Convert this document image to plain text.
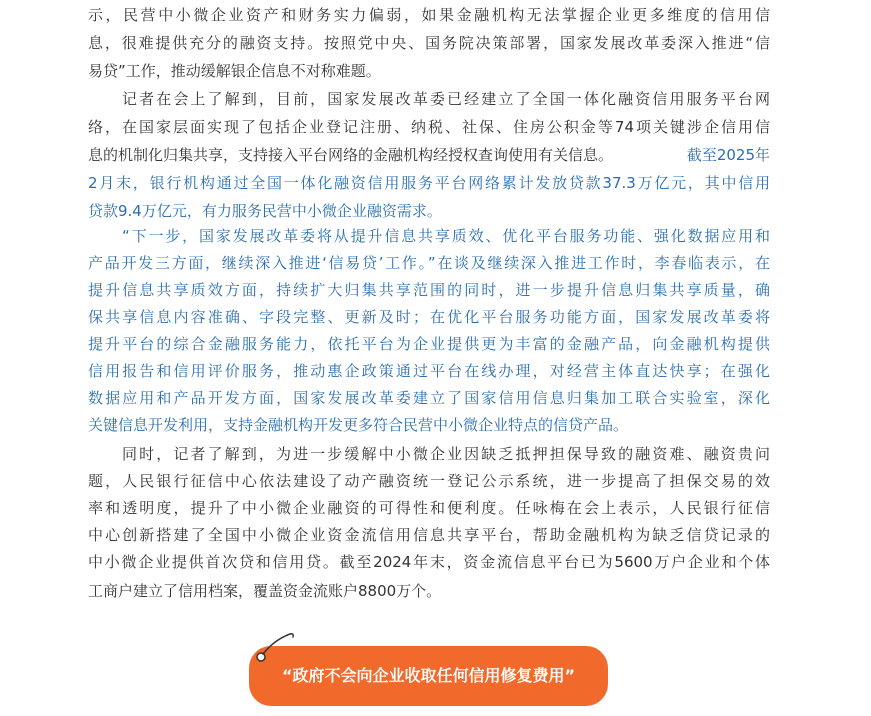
示，民营中小微企业资产和财务实力偏弱，如果金融机构无法掌握企业更多维度的信用信
息，很难提供充分的融资支持。按照党中央、国务院决策部署，国家发展改革委深入推进“信
易贷”工作，推动缓解银企信息不对称难题。
记者在会上了解到，目前，国家发展改革委已经建立了全国一体化融资信用服务平台网
络，在国家层面实现了包括企业登记注册、纳税、社保、住房公积金等74项关键涉企信用信
息的机制化归集共享，支持接入平台网络的金融机构经授权查询使用有关信息。	截至2025年
2月末，银行机构通过全国一体化融资信用服务平台网络累计发放贷款37.3万亿元，其中信用
贷款9.4万亿元，有力服务民营中小微企业融资需求。
“下一步，国家发展改革委将从提升信息共享质效、优化平台服务功能、强化数据应用和
产品开发三方面，继续深入推进‘信易贷’工作。”在谈及继续深入推进工作时，李春临表示，在
提升信息共享质效方面，持续扩大归集共享范围的同时，进一步提升信息归集共享质量，确
保共享信息内容准确、字段完整、更新及时；在优化平台服务功能方面，国家发展改革委将
提升平台的综合金融服务能力，依托平台为企业提供更为丰富的金融产品，向金融机构提供
信用报告和信用评价服务，推动惠企政策通过平台在线办理，对经营主体直达快享；在强化
数据应用和产品开发方面，国家发展改革委建立了国家信用信息归集加工联合实验室，深化
关键信息开发利用，支持金融机构开发更多符合民营中小微企业特点的信贷产品。
同时，记者了解到，为进一步缓解中小微企业因缺乏抵押担保导致的融资难、融资贵问
题，人民银行征信中心依法建设了动产融资统一登记公示系统，进一步提高了担保交易的效
率和透明度，提升了中小微企业融资的可得性和便利度。任咏梅在会上表示，人民银行征信
中心创新搭建了全国中小微企业资金流信用信息共享平台，帮助金融机构为缺乏信贷记录的
中小微企业提供首次贷和信用贷。截至2024年末，资金流信息平台已为5600万户企业和个体
工商户建立了信用档案，覆盖资金流账户8800万个。
“政府不会向企业收取任何信用修复费用”
